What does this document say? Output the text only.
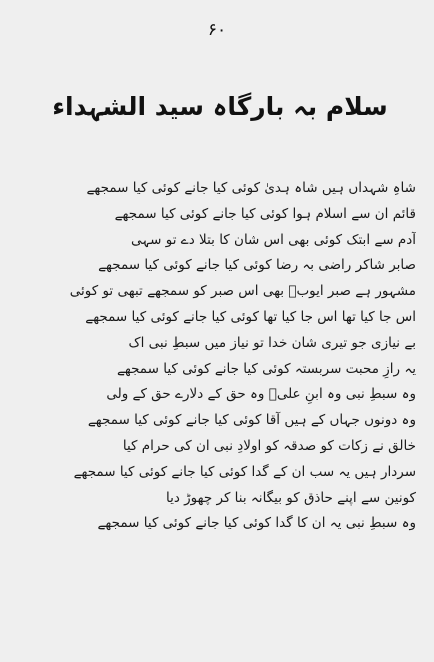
۶۰
سلام بہ بارگاہ سید الشہداء
شاہِ شہداں ہیں شاہ ہدیٰ کوئی کیا جانے کوئی کیا سمجھے
قائم ان سے اسلام ہوا کوئی کیا جانے کوئی کیا سمجھے
آدم سے ابتک کوئی بھی اس شان کا بتلا دے تو سہی
صابر شاکر راضی بہ رضا کوئی کیا جانے کوئی کیا سمجھے
مشہور ہے صبر ایوبؑ بھی اس صبر کو سمجھے تبھی تو کوئی
اس جا کیا تھا اس جا کیا تھا کوئی کیا جانے کوئی کیا سمجھے
بے نیازی جو تیری شان خدا تو نیاز میں سبطِ نبی اک
یہ رازِ محبت سربستہ کوئی کیا جانے کوئی کیا سمجھے
وہ سبطِ نبی وہ ابنِ علیؑ وہ حق کے دلارے حق کے ولی
وہ دونوں جہاں کے ہیں آقا کوئی کیا جانے کوئی کیا سمجھے
خالق نے زکات کو صدقہ کو اولادِ نبی ان کی حرام کیا
سردار ہیں یہ سب ان کے گدا کوئی کیا جانے کوئی کیا سمجھے
کونین سے اپنے حاذق کو بیگانہ بنا کر چھوڑ دیا
وہ سبطِ نبی یہ ان کا گدا کوئی کیا جانے کوئی کیا سمجھے
